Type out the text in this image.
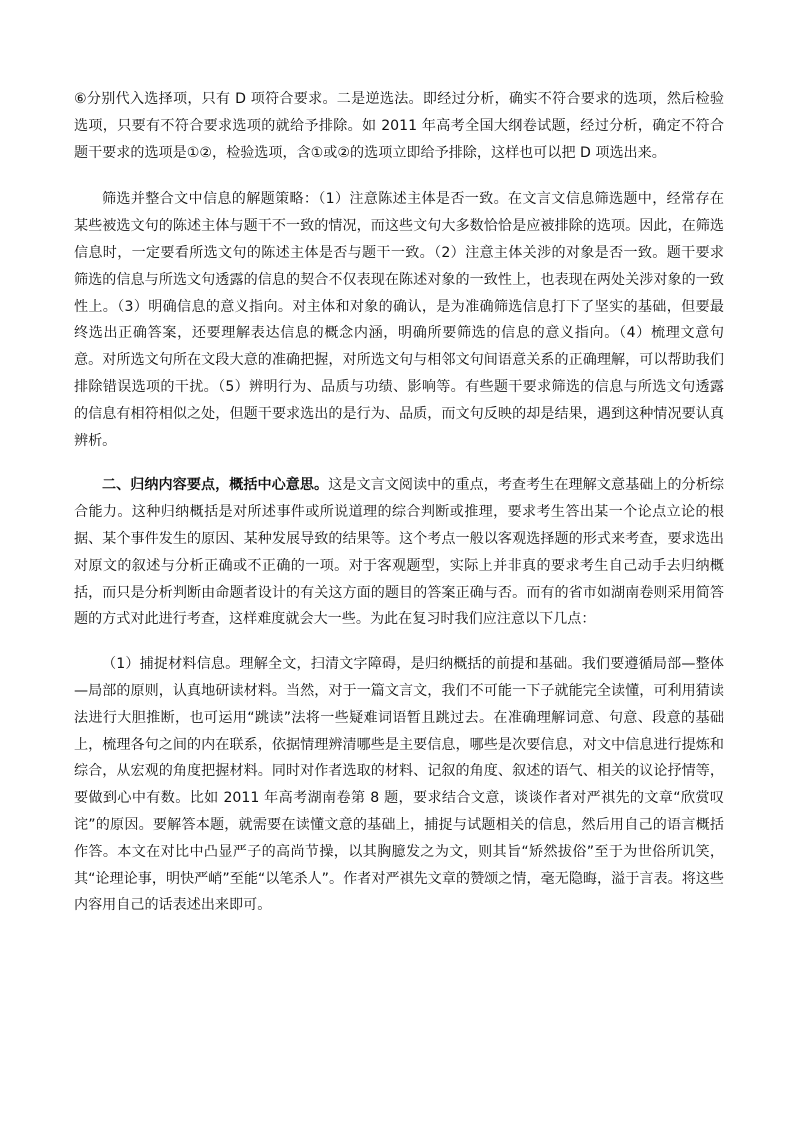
⑥分别代入选择项，只有 D 项符合要求。二是逆选法。即经过分析，确实不符合要求的选项，然后检验选项，只要有不符合要求选项的就给予排除。如 2011 年高考全国大纲卷试题，经过分析，确定不符合题干要求的选项是①②，检验选项，含①或②的选项立即给予排除，这样也可以把 D 项选出来。

筛选并整合文中信息的解题策略：（1）注意陈述主体是否一致。在文言文信息筛选题中，经常存在某些被选文句的陈述主体与题干不一致的情况，而这些文句大多数恰恰是应被排除的选项。因此，在筛选信息时，一定要看所选文句的陈述主体是否与题干一致。（2）注意主体关涉的对象是否一致。题干要求筛选的信息与所选文句透露的信息的契合不仅表现在陈述对象的一致性上，也表现在两处关涉对象的一致性上。（3）明确信息的意义指向。对主体和对象的确认，是为准确筛选信息打下了坚实的基础，但要最终选出正确答案，还要理解表达信息的概念内涵，明确所要筛选的信息的意义指向。（4）梳理文意句意。对所选文句所在文段大意的准确把握，对所选文句与相邻文句间语意关系的正确理解，可以帮助我们排除错误选项的干扰。（5）辨明行为、品质与功绩、影响等。有些题干要求筛选的信息与所选文句透露的信息有相符相似之处，但题干要求选出的是行为、品质，而文句反映的却是结果，遇到这种情况要认真辨析。

二、归纳内容要点，概括中心意思。这是文言文阅读中的重点，考查考生在理解文意基础上的分析综合能力。这种归纳概括是对所述事件或所说道理的综合判断或推理，要求考生答出某一个论点立论的根据、某个事件发生的原因、某种发展导致的结果等。这个考点一般以客观选择题的形式来考查，要求选出对原文的叙述与分析正确或不正确的一项。对于客观题型，实际上并非真的要求考生自己动手去归纳概括，而只是分析判断由命题者设计的有关这方面的题目的答案正确与否。而有的省市如湖南卷则采用简答题的方式对此进行考查，这样难度就会大一些。为此在复习时我们应注意以下几点：

（1）捕捉材料信息。理解全文，扫清文字障碍，是归纳概括的前提和基础。我们要遵循局部—整体—局部的原则，认真地研读材料。当然，对于一篇文言文，我们不可能一下子就能完全读懂，可利用猜读法进行大胆推断，也可运用“跳读”法将一些疑难词语暂且跳过去。在准确理解词意、句意、段意的基础上，梳理各句之间的内在联系，依据情理辨清哪些是主要信息，哪些是次要信息，对文中信息进行提炼和综合，从宏观的角度把握材料。同时对作者选取的材料、记叙的角度、叙述的语气、相关的议论抒情等，要做到心中有数。比如 2011 年高考湖南卷第 8 题，要求结合文意，谈谈作者对严祺先的文章“欣赏叹诧”的原因。要解答本题，就需要在读懂文意的基础上，捕捉与试题相关的信息，然后用自己的语言概括作答。本文在对比中凸显严子的高尚节操，以其胸臆发之为文，则其旨“矫然拔俗”至于为世俗所讥笑，其“论理论事，明快严峭”至能“以笔杀人”。作者对严祺先文章的赞颂之情，毫无隐晦，溢于言表。将这些内容用自己的话表述出来即可。
